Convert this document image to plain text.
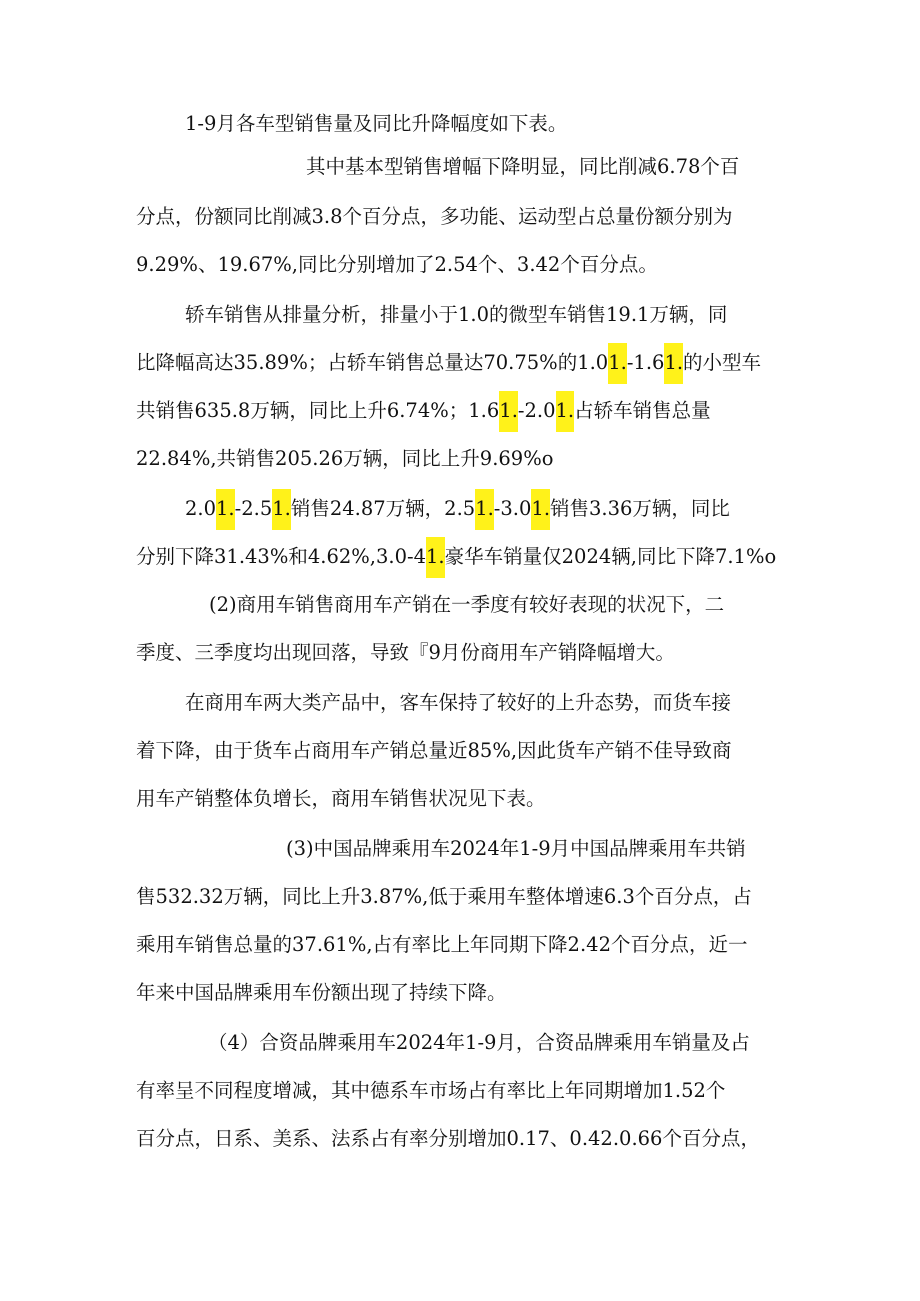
1-9月各车型销售量及同比升降幅度如下表。
其中基本型销售增幅下降明显，同比削减6.78个百
分点，份额同比削减3.8个百分点，多功能、运动型占总量份额分别为
9.29%、19.67%,同比分别增加了2.54个、3.42个百分点。
轿车销售从排量分析，排量小于1.0的微型车销售19.1万辆，同
比降幅高达35.89%；占轿车销售总量达70.75%的1.01.-1.61.的小型车
共销售635.8万辆，同比上升6.74%；1.61.-2.01.占轿车销售总量
22.84%,共销售205.26万辆，同比上升9.69%o
2.01.-2.51.销售24.87万辆，2.51.-3.01.销售3.36万辆，同比
分别下降31.43%和4.62%,3.0-41.豪华车销量仅2024辆,同比下降7.1%o
(2)商用车销售商用车产销在一季度有较好表现的状况下，二
季度、三季度均出现回落，导致『9月份商用车产销降幅增大。
在商用车两大类产品中，客车保持了较好的上升态势，而货车接
着下降，由于货车占商用车产销总量近85%,因此货车产销不佳导致商
用车产销整体负增长，商用车销售状况见下表。
(3)中国品牌乘用车2024年1-9月中国品牌乘用车共销
售532.32万辆，同比上升3.87%,低于乘用车整体增速6.3个百分点，占
乘用车销售总量的37.61%,占有率比上年同期下降2.42个百分点，近一
年来中国品牌乘用车份额出现了持续下降。
（4）合资品牌乘用车2024年1-9月，合资品牌乘用车销量及占
有率呈不同程度增减，其中德系车市场占有率比上年同期增加1.52个
百分点，日系、美系、法系占有率分别增加0.17、0.42.0.66个百分点，
